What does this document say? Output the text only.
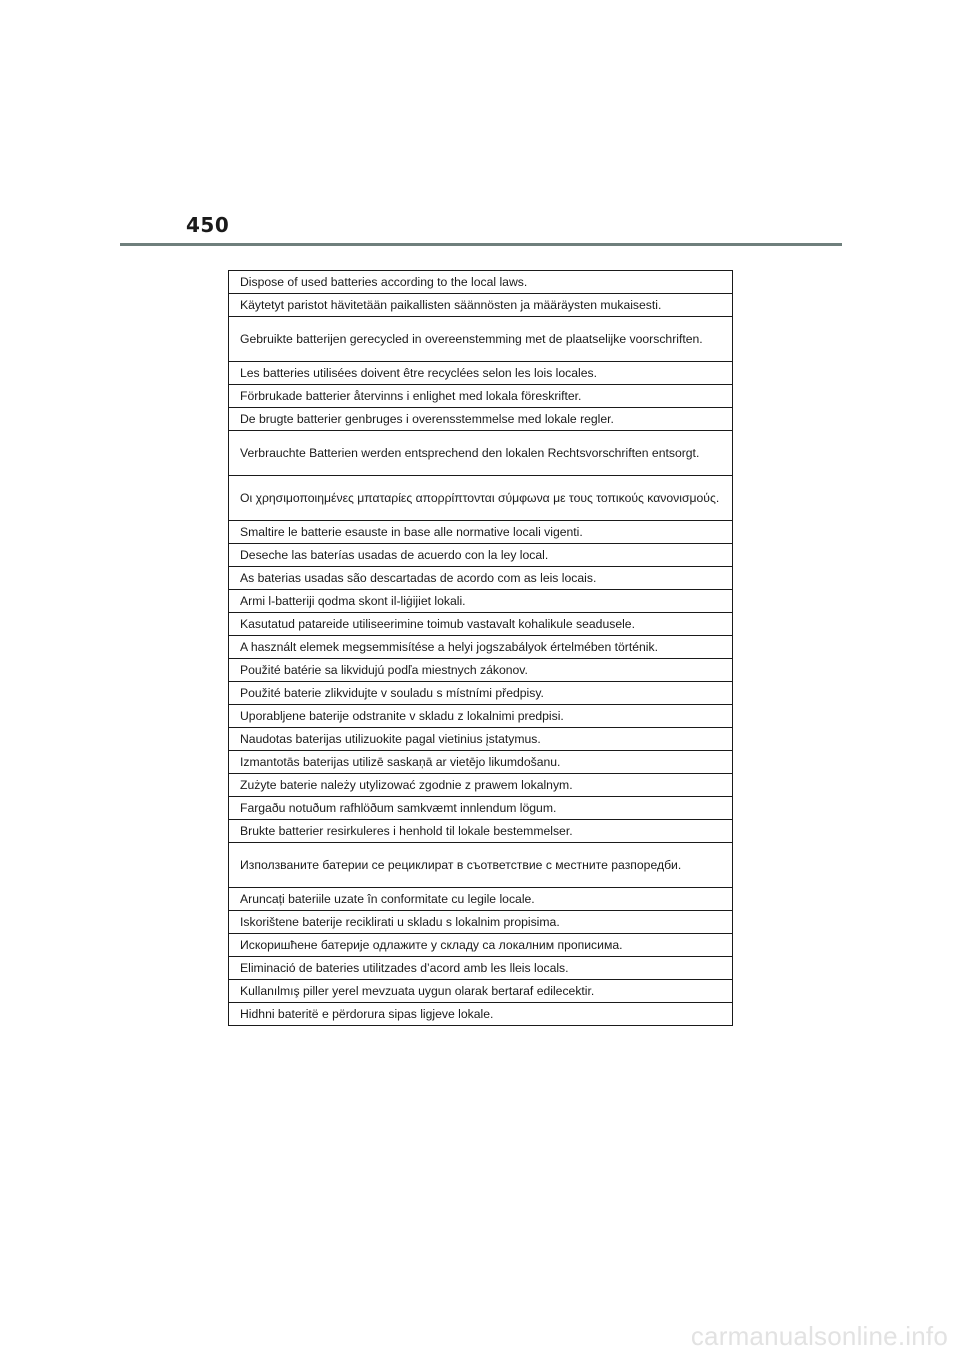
450
Dispose of used batteries according to the local laws.
Käytetyt paristot hävitetään paikallisten säännösten ja määräysten mukaisesti.
Gebruikte batterijen gerecycled in overeenstemming met de plaatselijke voorschriften.
Les batteries utilisées doivent être recyclées selon les lois locales.
Förbrukade batterier återvinns i enlighet med lokala föreskrifter.
De brugte batterier genbruges i overensstemmelse med lokale regler.
Verbrauchte Batterien werden entsprechend den lokalen Rechtsvorschriften entsorgt.
Οι χρησιμοποιημένες μπαταρίες απορρίπτονται σύμφωνα με τους τοπικούς κανονισμούς.
Smaltire le batterie esauste in base alle normative locali vigenti.
Deseche las baterías usadas de acuerdo con la ley local.
As baterias usadas são descartadas de acordo com as leis locais.
Armi l-batteriji qodma skont il-liġijiet lokali.
Kasutatud patareide utiliseerimine toimub vastavalt kohalikule seadusele.
A használt elemek megsemmisítése a helyi jogszabályok értelmében történik.
Použité batérie sa likvidujú podľa miestnych zákonov.
Použité baterie zlikvidujte v souladu s místními předpisy.
Uporabljene baterije odstranite v skladu z lokalnimi predpisi.
Naudotas baterijas utilizuokite pagal vietinius įstatymus.
Izmantotās baterijas utilizē saskaņā ar vietējo likumdošanu.
Zużyte baterie należy utylizować zgodnie z prawem lokalnym.
Fargaðu notuðum rafhlöðum samkvæmt innlendum lögum.
Brukte batterier resirkuleres i henhold til lokale bestemmelser.
Използваните батерии се рециклират в съответствие с местните разпоредби.
Aruncați bateriile uzate în conformitate cu legile locale.
Iskorištene baterije reciklirati u skladu s lokalnim propisima.
Искоришћене батерије одлажите у складу са локалним прописима.
Eliminació de bateries utilitzades d’acord amb les lleis locals.
Kullanılmış piller yerel mevzuata uygun olarak bertaraf edilecektir.
Hidhni bateritë e përdorura sipas ligjeve lokale.
carmanualsonline.info
